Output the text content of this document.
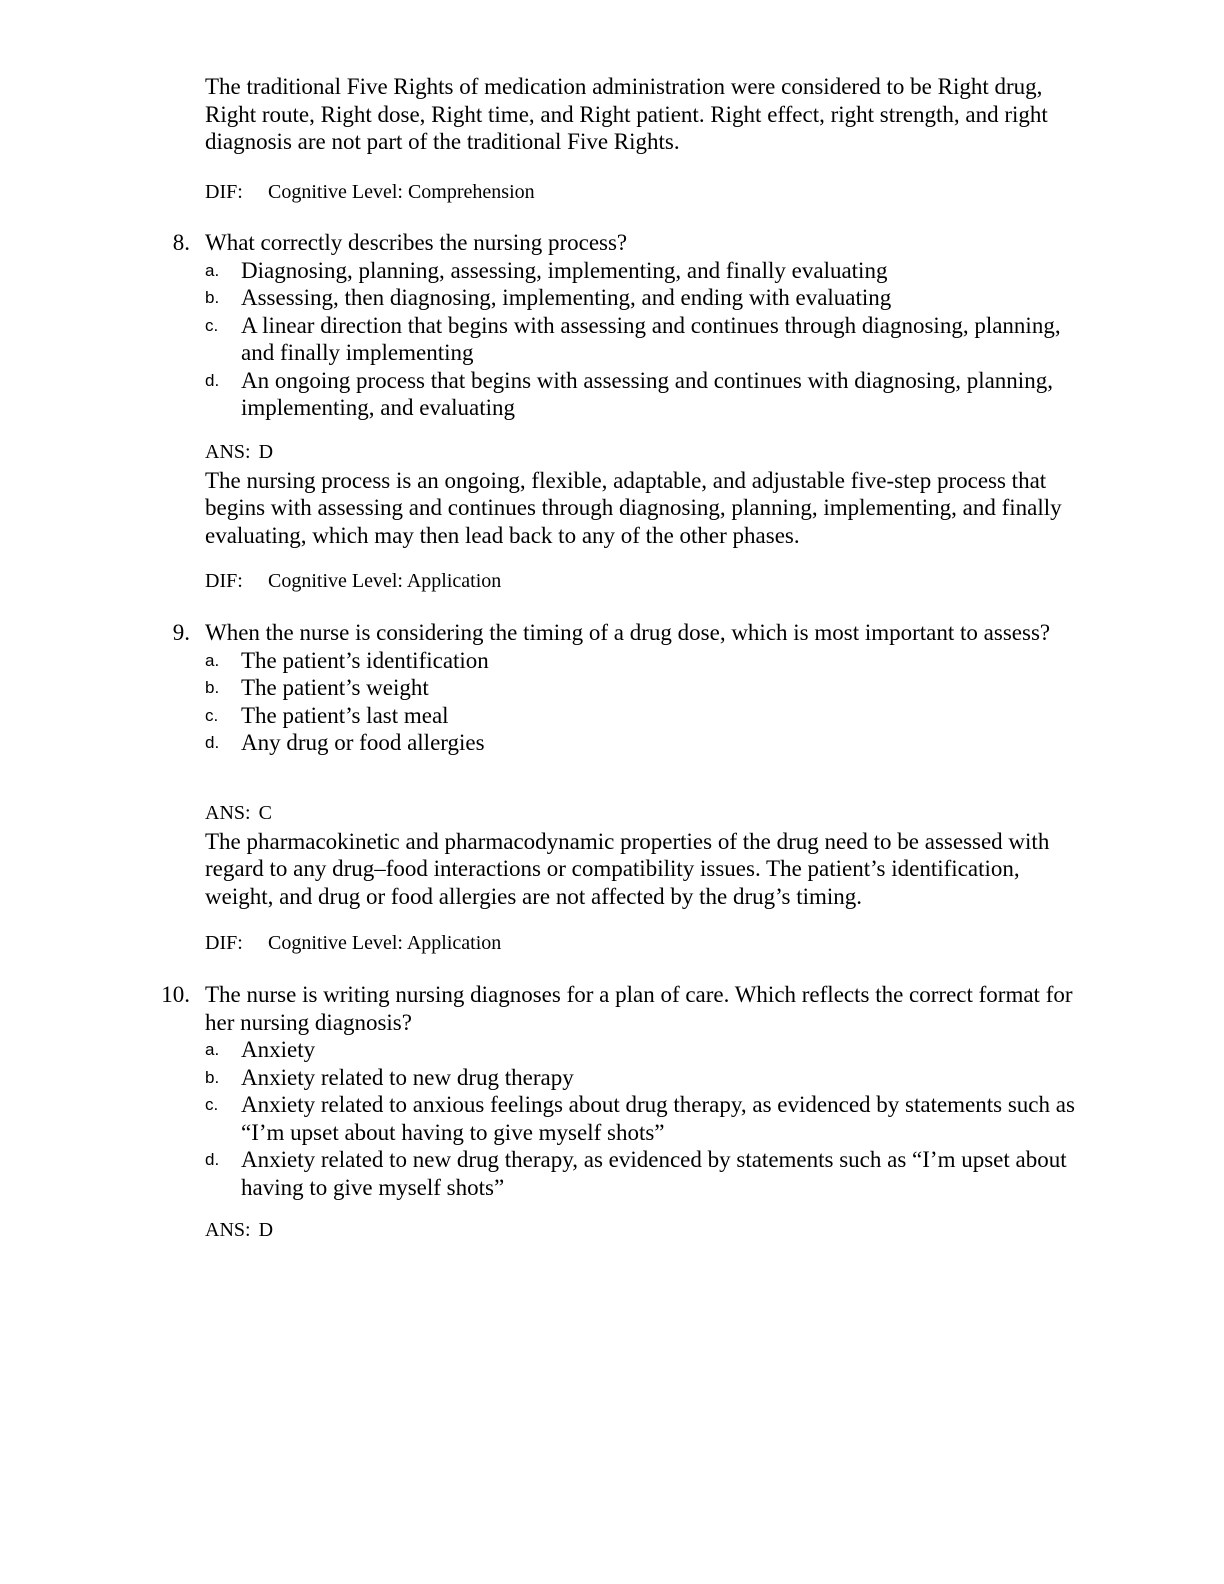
The traditional Five Rights of medication administration were considered to be Right drug, Right route, Right dose, Right time, and Right patient. Right effect, right strength, and right diagnosis are not part of the traditional Five Rights.

DIF: Cognitive Level: Comprehension
8. What correctly describes the nursing process?
a. Diagnosing, planning, assessing, implementing, and finally evaluating
b. Assessing, then diagnosing, implementing, and ending with evaluating
c. A linear direction that begins with assessing and continues through diagnosing, planning, and finally implementing
d. An ongoing process that begins with assessing and continues with diagnosing, planning, implementing, and evaluating
ANS: D

The nursing process is an ongoing, flexible, adaptable, and adjustable five-step process that begins with assessing and continues through diagnosing, planning, implementing, and finally evaluating, which may then lead back to any of the other phases.

DIF: Cognitive Level: Application
9. When the nurse is considering the timing of a drug dose, which is most important to assess?
a. The patient’s identification
b. The patient’s weight
c. The patient’s last meal
d. Any drug or food allergies
ANS: C

The pharmacokinetic and pharmacodynamic properties of the drug need to be assessed with regard to any drug–food interactions or compatibility issues. The patient’s identification, weight, and drug or food allergies are not affected by the drug’s timing.

DIF: Cognitive Level: Application
10. The nurse is writing nursing diagnoses for a plan of care. Which reflects the correct format for her nursing diagnosis?
a. Anxiety
b. Anxiety related to new drug therapy
c. Anxiety related to anxious feelings about drug therapy, as evidenced by statements such as “I’m upset about having to give myself shots”
d. Anxiety related to new drug therapy, as evidenced by statements such as “I’m upset about having to give myself shots”
ANS: D
